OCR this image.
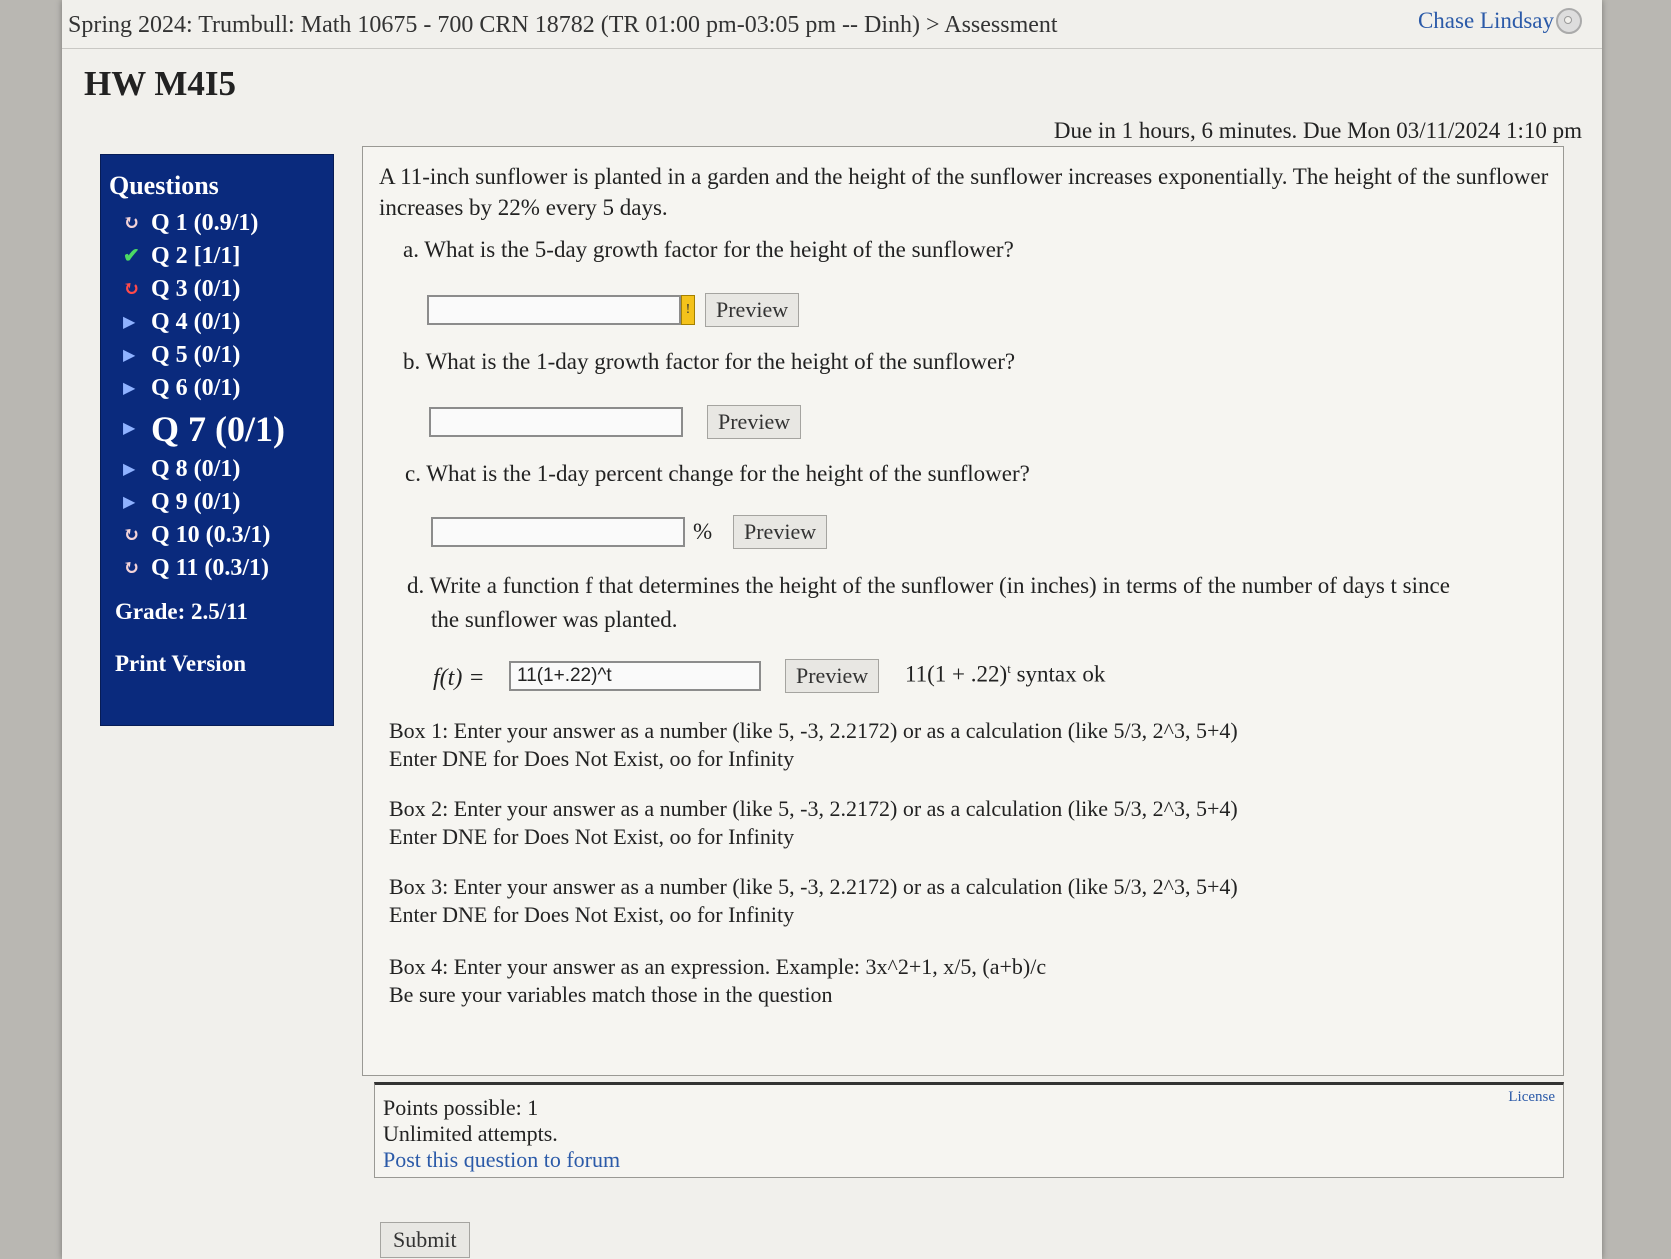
Spring 2024: Trumbull: Math 10675 - 700 CRN 18782 (TR 01:00 pm-03:05 pm -- Dinh) > Assessment	Chase Lindsay
HW M4I5
Due in 1 hours, 6 minutes. Due Mon 03/11/2024 1:10 pm
Questions
↻ Q 1 (0.9/1)
✔ Q 2 [1/1]
↻ Q 3 (0/1)
▶ Q 4 (0/1)
▶ Q 5 (0/1)
▶ Q 6 (0/1)
▶ Q 7 (0/1)
▶ Q 8 (0/1)
▶ Q 9 (0/1)
↻ Q 10 (0.3/1)
↻ Q 11 (0.3/1)
Grade: 2.5/11
Print Version
A 11-inch sunflower is planted in a garden and the height of the sunflower increases exponentially. The height of the sunflower increases by 22% every 5 days.
a. What is the 5-day growth factor for the height of the sunflower?
!	Preview
b. What is the 1-day growth factor for the height of the sunflower?
Preview
c. What is the 1-day percent change for the height of the sunflower?
%	Preview
d. Write a function f that determines the height of the sunflower (in inches) in terms of the number of days t since
the sunflower was planted.
f(t) =
11(1+.22)^t	Preview	$11(1 + .22)^t$ syntax ok
Box 1: Enter your answer as a number (like 5, -3, 2.2172) or as a calculation (like 5/3, 2^3, 5+4)
Enter DNE for Does Not Exist, oo for Infinity
Box 2: Enter your answer as a number (like 5, -3, 2.2172) or as a calculation (like 5/3, 2^3, 5+4)
Enter DNE for Does Not Exist, oo for Infinity
Box 3: Enter your answer as a number (like 5, -3, 2.2172) or as a calculation (like 5/3, 2^3, 5+4)
Enter DNE for Does Not Exist, oo for Infinity
Box 4: Enter your answer as an expression. Example: 3x^2+1, x/5, (a+b)/c
Be sure your variables match those in the question
Points possible: 1
Unlimited attempts.
Post this question to forum
License
Submit
